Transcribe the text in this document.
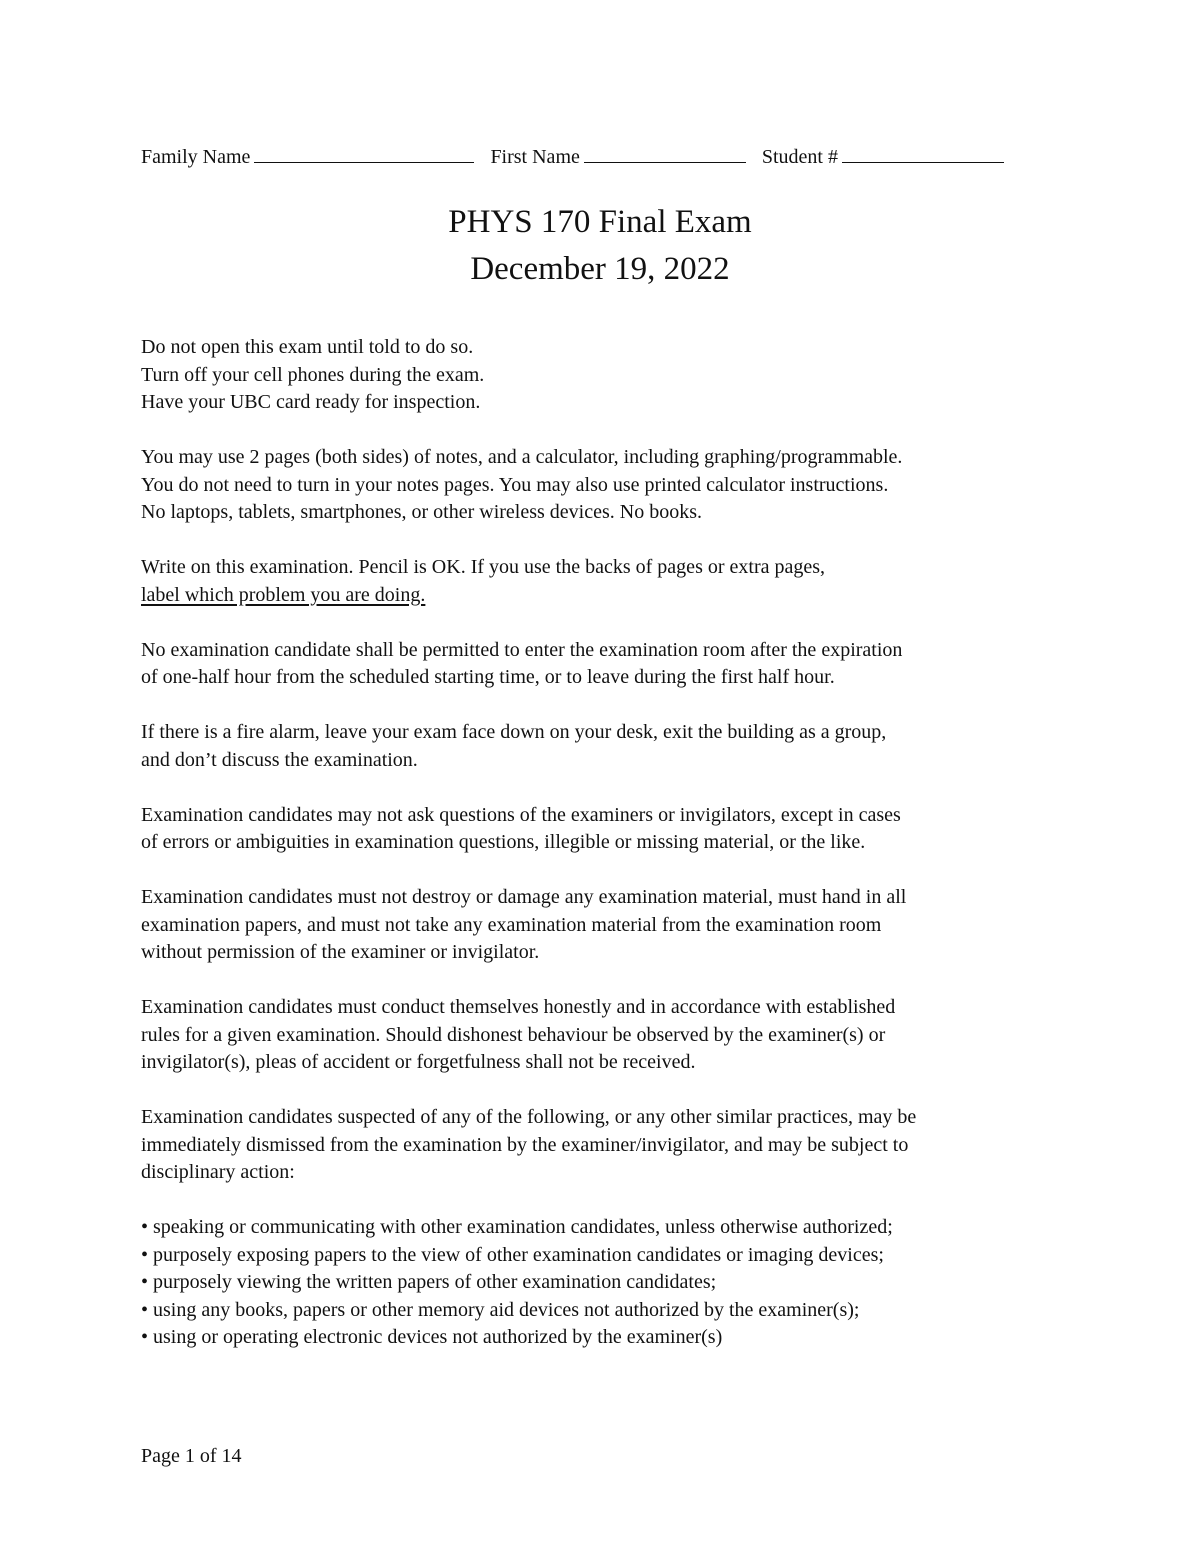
Family Name	First Name	Student #
PHYS 170 Final Exam
December 19, 2022

Do not open this exam until told to do so.
Turn off your cell phones during the exam.
Have your UBC card ready for inspection.

You may use 2 pages (both sides) of notes, and a calculator, including graphing/programmable.
You do not need to turn in your notes pages. You may also use printed calculator instructions.
No laptops, tablets, smartphones, or other wireless devices. No books.

Write on this examination. Pencil is OK. If you use the backs of pages or extra pages,
label which problem you are doing.

No examination candidate shall be permitted to enter the examination room after the expiration
of one-half hour from the scheduled starting time, or to leave during the first half hour.

If there is a fire alarm, leave your exam face down on your desk, exit the building as a group,
and don’t discuss the examination.

Examination candidates may not ask questions of the examiners or invigilators, except in cases
of errors or ambiguities in examination questions, illegible or missing material, or the like.

Examination candidates must not destroy or damage any examination material, must hand in all
examination papers, and must not take any examination material from the examination room
without permission of the examiner or invigilator.

Examination candidates must conduct themselves honestly and in accordance with established
rules for a given examination. Should dishonest behaviour be observed by the examiner(s) or
invigilator(s), pleas of accident or forgetfulness shall not be received.

Examination candidates suspected of any of the following, or any other similar practices, may be
immediately dismissed from the examination by the examiner/invigilator, and may be subject to
disciplinary action:

• speaking or communicating with other examination candidates, unless otherwise authorized;
• purposely exposing papers to the view of other examination candidates or imaging devices;
• purposely viewing the written papers of other examination candidates;
• using any books, papers or other memory aid devices not authorized by the examiner(s);
• using or operating electronic devices not authorized by the examiner(s)
Page 1 of 14
